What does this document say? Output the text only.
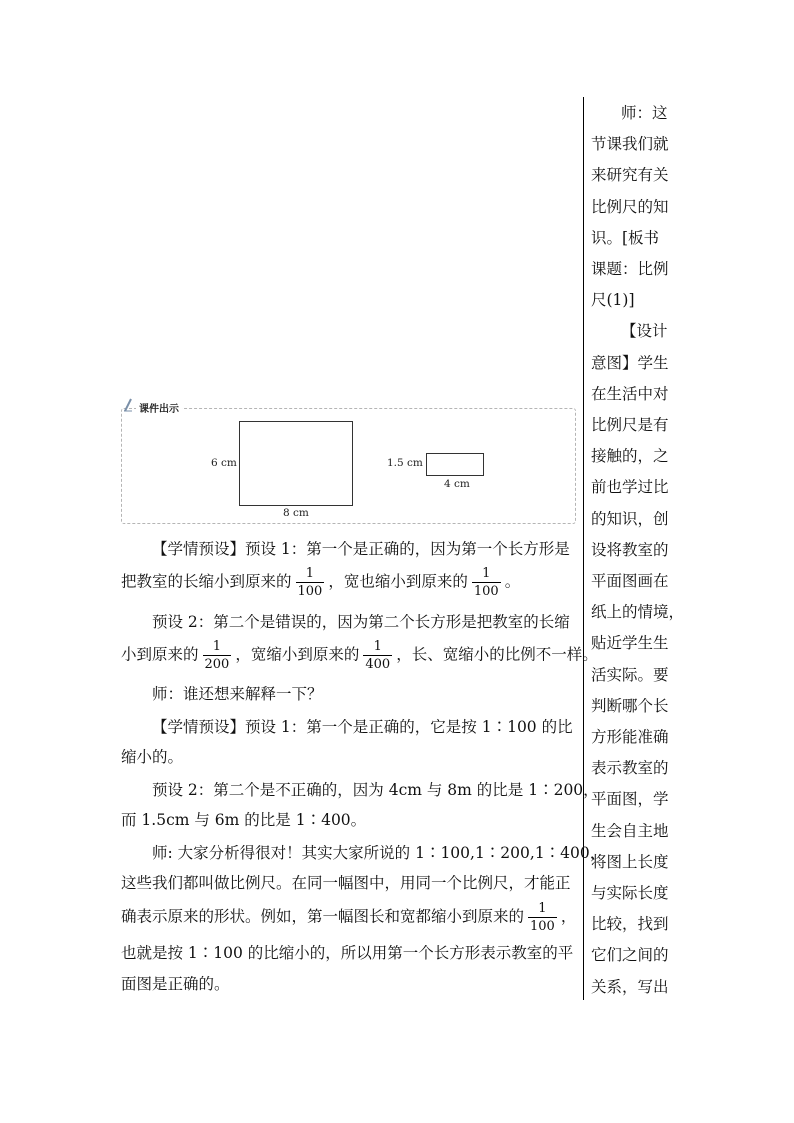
师：这
节课我们就
来研究有关
比例尺的知
识。[板书
课题：比例
尺(1)]
【设计
意图】学生
在生活中对
比例尺是有
接触的，之
前也学过比
的知识，创
设将教室的
平面图画在
纸上的情境，
贴近学生生
活实际。要
判断哪个长
方形能准确
表示教室的
平面图，学
生会自主地
将图上长度
与实际长度
比较，找到
它们之间的
关系，写出
课件出示
6 cm
8 cm
1.5 cm
4 cm
【学情预设】预设 1：第一个是正确的，因为第一个长方形是
把教室的长缩小到原来的 $\frac{1}{100}$ ，宽也缩小到原来的 $\frac{1}{100}$ 。
预设 2：第二个是错误的，因为第二个长方形是把教室的长缩
小到原来的 $\frac{1}{200}$ ，宽缩小到原来的 $\frac{1}{400}$ ，长、宽缩小的比例不一样。
师：谁还想来解释一下？
【学情预设】预设 1：第一个是正确的，它是按 1∶100 的比
缩小的。
预设 2：第二个是不正确的，因为 4cm 与 8m 的比是 1∶200，
而 1.5cm 与 6m 的比是 1∶400。
师: 大家分析得很对！其实大家所说的 1∶100,1∶200,1∶400，
这些我们都叫做比例尺。在同一幅图中，用同一个比例尺，才能正
确表示原来的形状。例如，第一幅图长和宽都缩小到原来的 $\frac{1}{100}$ ，
也就是按 1∶100 的比缩小的，所以用第一个长方形表示教室的平
面图是正确的。
